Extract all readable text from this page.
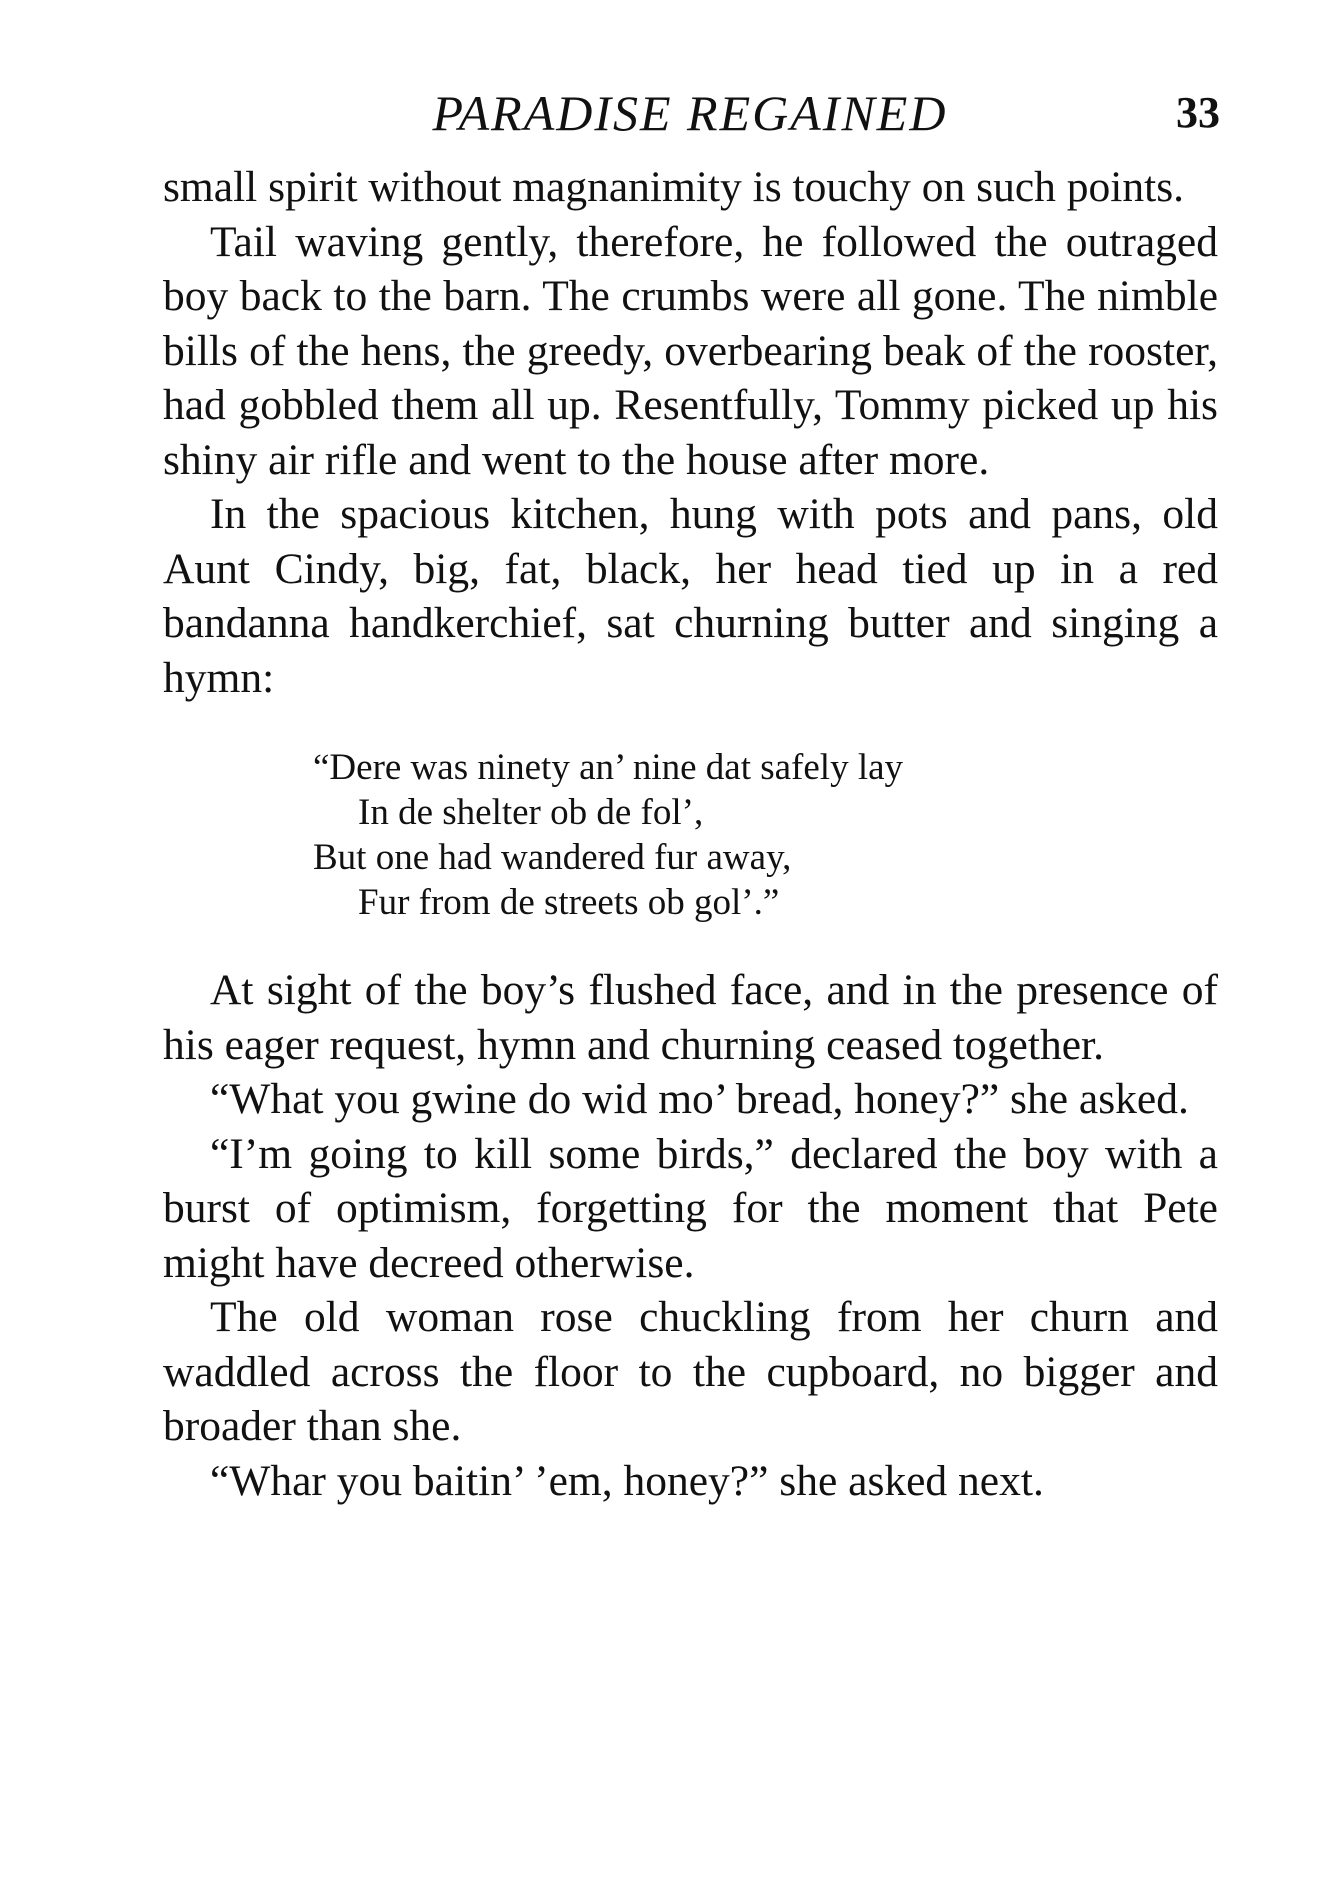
PARADISE REGAINED	33

small spirit without magnanimity is touchy on such points.

Tail waving gently, therefore, he followed the outraged boy back to the barn. The crumbs were all gone. The nimble bills of the hens, the greedy, overbearing beak of the rooster, had gobbled them all up. Resentfully, Tommy picked up his shiny air rifle and went to the house after more.

In the spacious kitchen, hung with pots and pans, old Aunt Cindy, big, fat, black, her head tied up in a red bandanna handkerchief, sat churning butter and singing a hymn:

“Dere was ninety an’ nine dat safely lay
In de shelter ob de fol’,
But one had wandered fur away,
Fur from de streets ob gol’.”

At sight of the boy’s flushed face, and in the presence of his eager request, hymn and churning ceased together.

“What you gwine do wid mo’ bread, honey?” she asked.

“I’m going to kill some birds,” declared the boy with a burst of optimism, forgetting for the moment that Pete might have decreed otherwise.

The old woman rose chuckling from her churn and waddled across the floor to the cupboard, no bigger and broader than she.

“Whar you baitin’ ’em, honey?” she asked next.
